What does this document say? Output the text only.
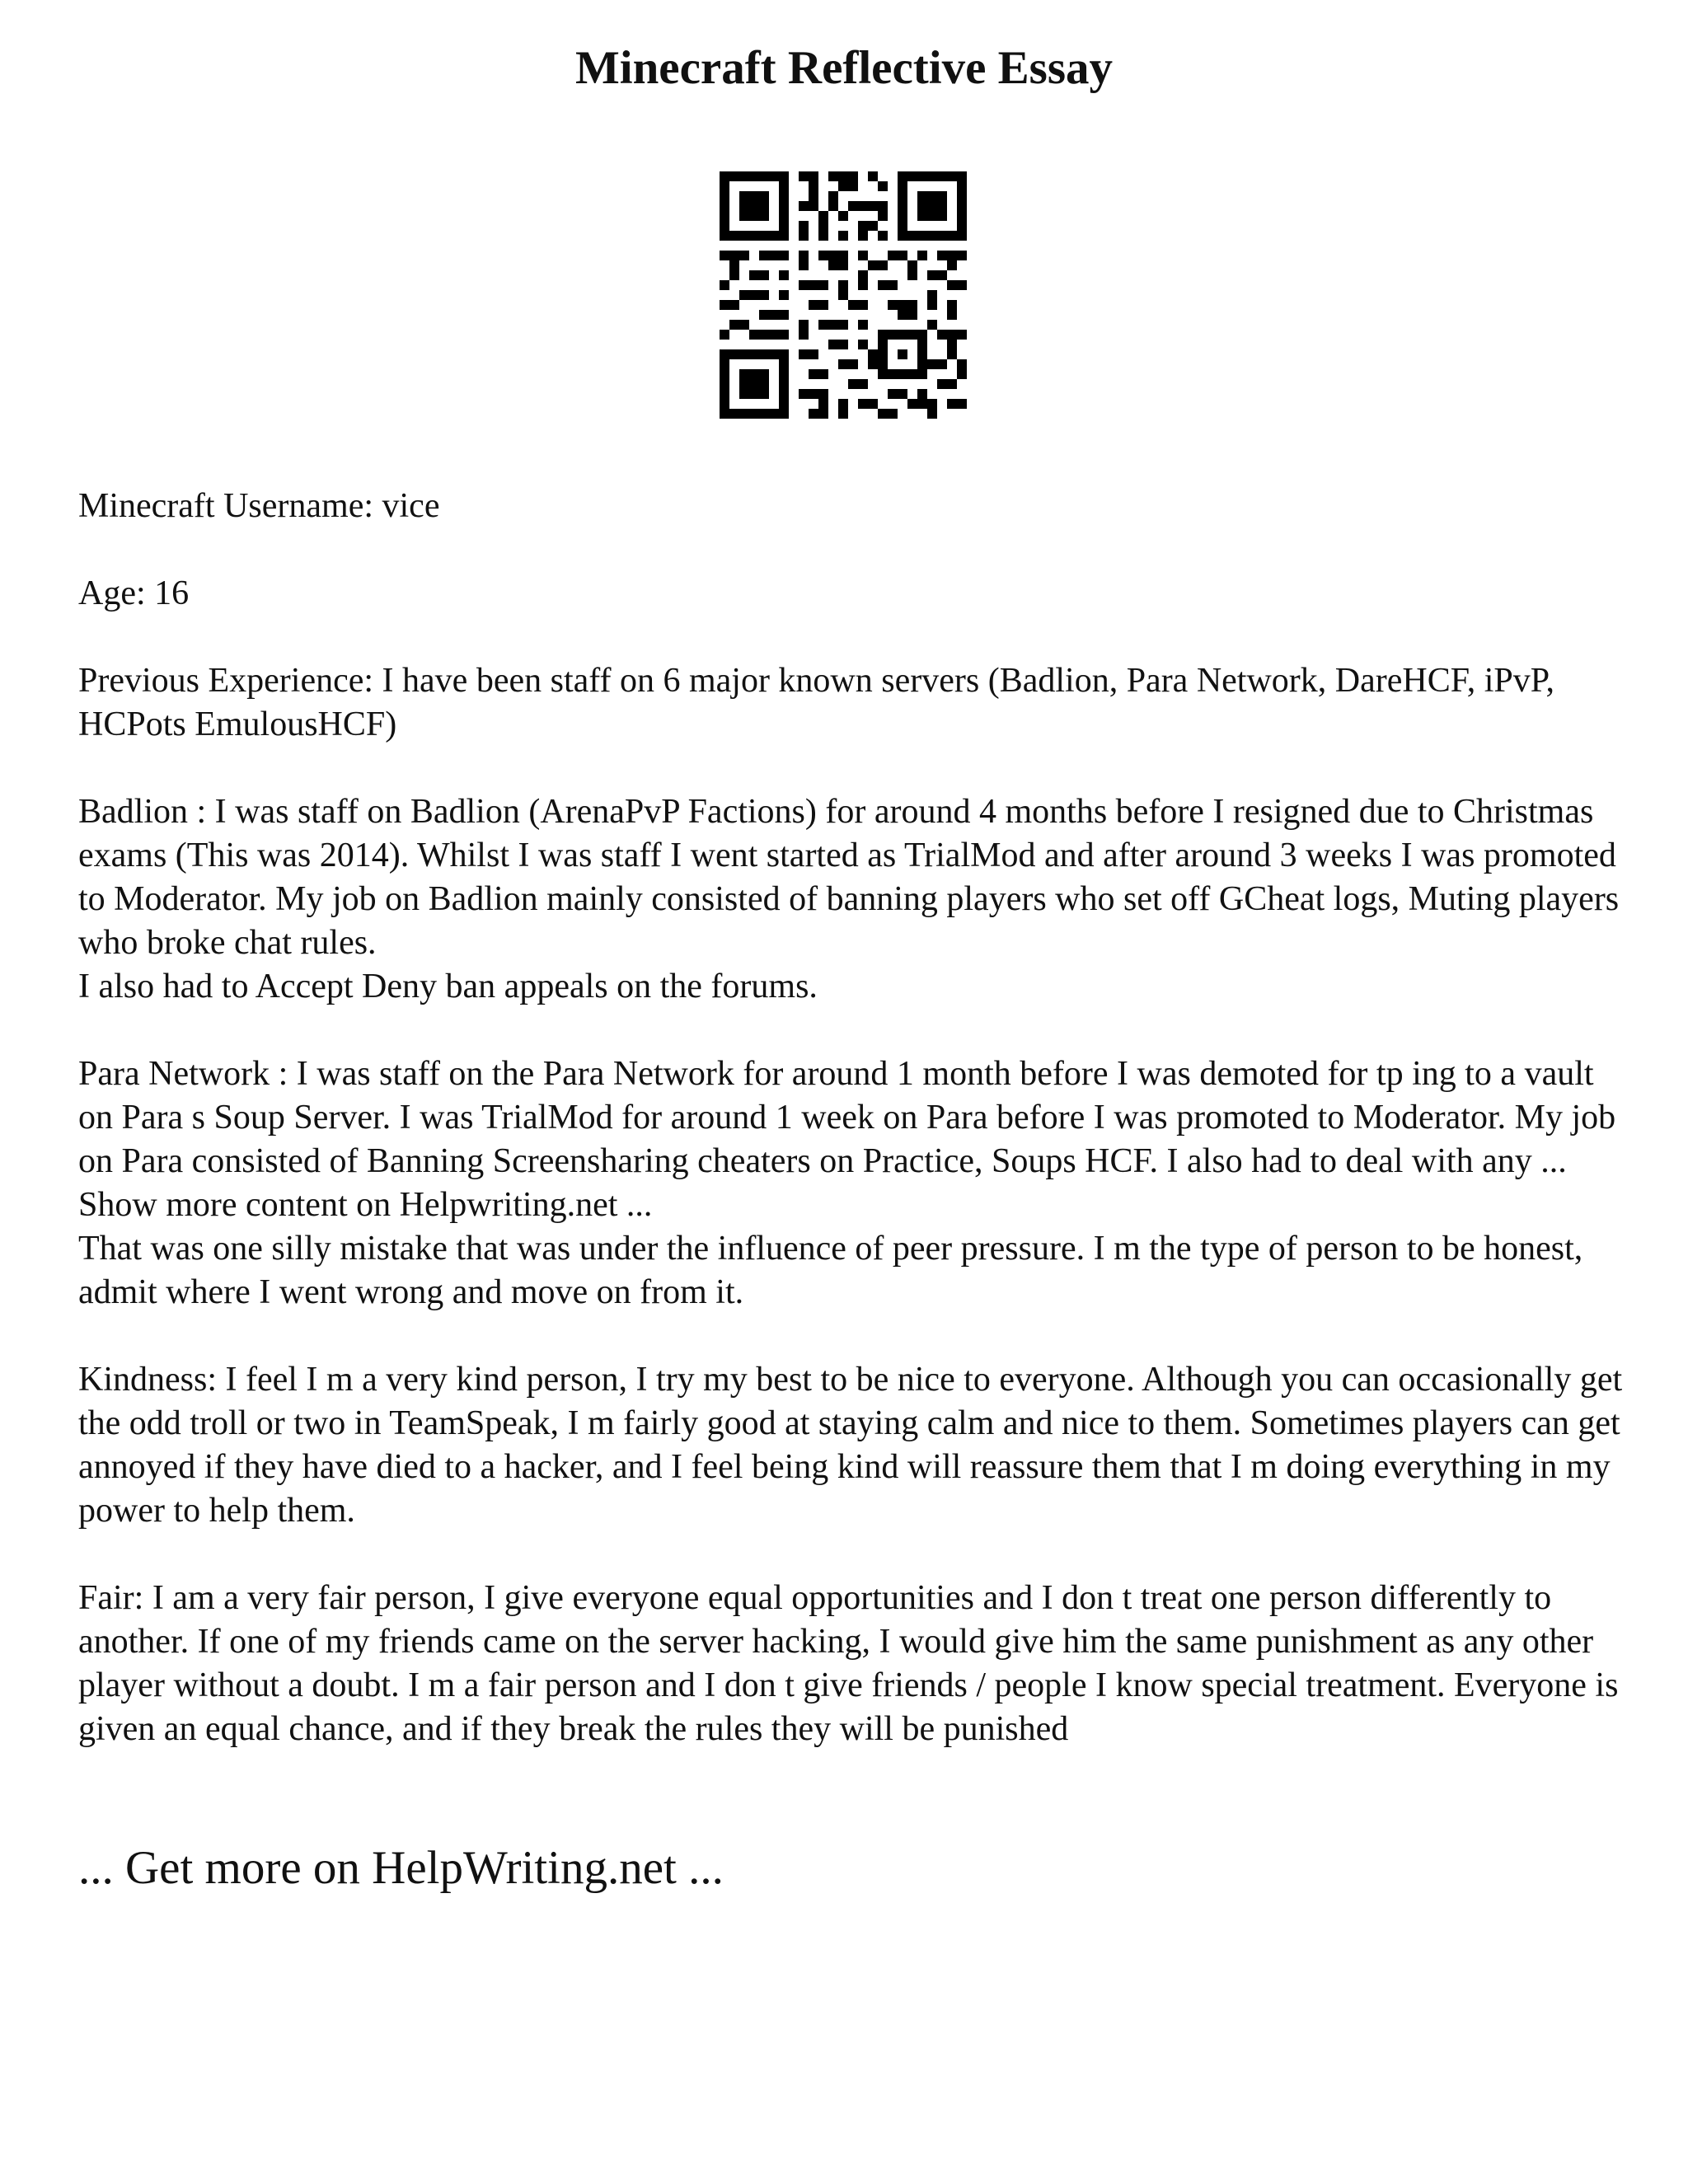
Minecraft Reflective Essay

Minecraft Username: vice

Age: 16

Previous Experience: I have been staff on 6 major known servers (Badlion, Para Network, DareHCF, iPvP, HCPots EmulousHCF)

Badlion : I was staff on Badlion (ArenaPvP Factions) for around 4 months before I resigned due to Christmas exams (This was 2014). Whilst I was staff I went started as TrialMod and after around 3 weeks I was promoted to Moderator. My job on Badlion mainly consisted of banning players who set off GCheat logs, Muting players who broke chat rules.

I also had to Accept Deny ban appeals on the forums.

Para Network : I was staff on the Para Network for around 1 month before I was demoted for tp ing to a vault on Para s Soup Server. I was TrialMod for around 1 week on Para before I was promoted to Moderator. My job on Para consisted of Banning Screensharing cheaters on Practice, Soups HCF. I also had to deal with any ... Show more content on Helpwriting.net ...

That was one silly mistake that was under the influence of peer pressure. I m the type of person to be honest, admit where I went wrong and move on from it.

Kindness: I feel I m a very kind person, I try my best to be nice to everyone. Although you can occasionally get the odd troll or two in TeamSpeak, I m fairly good at staying calm and nice to them. Sometimes players can get annoyed if they have died to a hacker, and I feel being kind will reassure them that I m doing everything in my power to help them.

Fair: I am a very fair person, I give everyone equal opportunities and I don t treat one person differently to another. If one of my friends came on the server hacking, I would give him the same punishment as any other player without a doubt. I m a fair person and I don t give friends / people I know special treatment. Everyone is given an equal chance, and if they break the rules they will be punished

... Get more on HelpWriting.net ...
